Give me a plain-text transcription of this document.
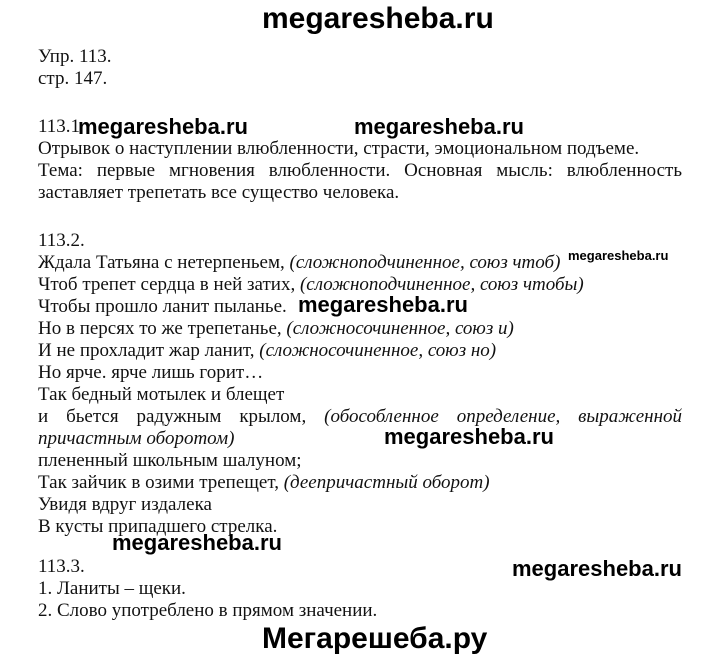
megaresheba.ru
Упр. 113.
стр. 147.
113.1
megaresheba.ru	megaresheba.ru
Отрывок о наступлении влюбленности, страсти, эмоциональном подъеме.
Тема: первые мгновения влюбленности. Основная мысль: влюбленность заставляет трепетать все существо человека.
113.2.
Ждала Татьяна с нетерпеньем, (сложноподчиненное, союз чтоб) megaresheba.ru
Чтоб трепет сердца в ней затих, (сложноподчиненное, союз чтобы)
Чтобы прошло ланит пыланье. megaresheba.ru
Но в персях то же трепетанье, (сложносочиненное, союз и)
И не прохладит жар ланит, (сложносочиненное, союз но)
Но ярче. ярче лишь горит…
Так бедный мотылек и блещет
и бьется радужным крылом, (обособленное определение, выраженной причастным оборотом)	megaresheba.ru
плененный школьным шалуном;
Так зайчик в озими трепещет, (деепричастный оборот)
Увидя вдруг издалека
В кусты припадшего стрелка.
megaresheba.ru
113.3.	megaresheba.ru
1. Ланиты – щеки.
2. Слово употреблено в прямом значении.
Мегарешеба.ру
